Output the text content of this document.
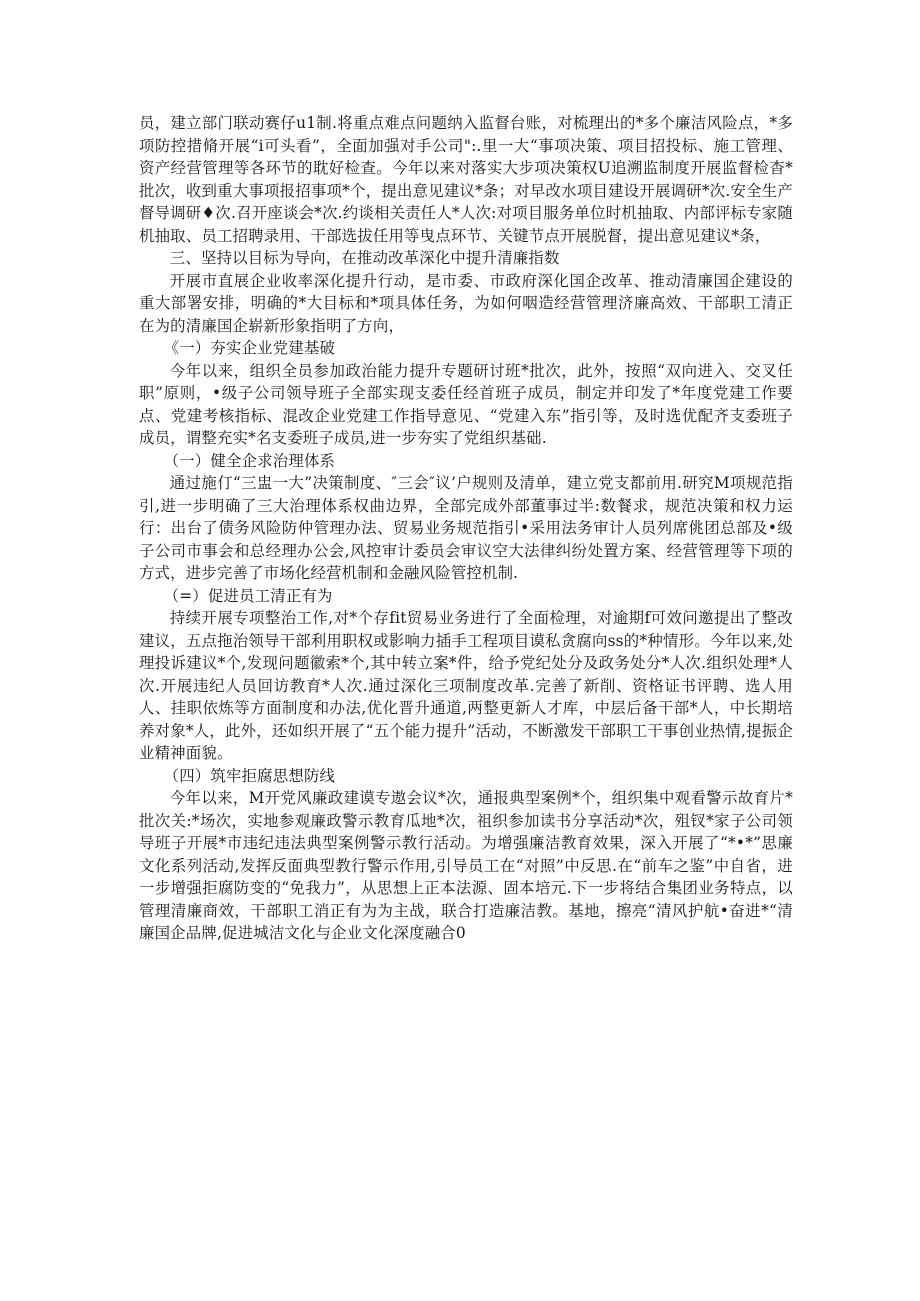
员，建立部门联动赛仔u1制.将重点难点问题纳入监督台账，对梳理出的*多个廉洁风险点，*多项防控措脩开展“i可头看”，全面加强对手公司":.里一大“事项决策、项目招投标、施工管理、资产经营管理等各环节的耽好检查。今年以来对落实大步项决策权U追溯监制度开展监督检杳*批次，收到重大事项报招事项*个，提出意见建议*条；对早改水项目建设开展调研*次.安全生产督导调研♦次.召开座谈会*次.约谈相关责任人*人次:对项目服务单位时机抽取、内部评标专家随机抽取、员工招聘录用、干部选拔任用等曳点环节、关键节点开展脱督，提出意见建议*条，

三、坚持以目标为导向，在推动改革深化中提升清廉指数

开展市直展企业收率深化提升行动，是市委、市政府深化国企改革、推动清廉国企建设的重大部署安排，明确的*大目标和*项具体任务，为如何咽造经营管理济廉高效、干部职工清正在为的清廉国企崭新形象指明了方向，

《一）夯实企业党建基破

今年以来，组织全员参加政治能力提升专题研讨班*批次，此外，按照“双向进入、交叉任职”原则，•级子公司领导班子全部实现支委任经首班子成员，制定并印发了*年度党建工作要点、党建考核指标、混改企业党建工作指导意见、“党建入东”指引等，及时选优配齐支委班子成员，谓整充实*名支委班子成员,进一步夯实了党组织基础.

（一）健全企求治理体系

通过施仃“三盅一大”决策制度、″三会″议’户规则及清单，建立党支都前用.研究M项规范指引,进一步明确了三大治理体系权曲边界，全部完成外部董事过半:数餐求，规范决策和权力运行：出台了债务风险防仲管理办法、贸易业务规范指引•采用法务审计人员列席佻团总部及•级子公司市事会和总经理办公会,风控审计委员会审议空大法律纠纷处置方案、经营管理等下项的方式，进步完善了市场化经营机制和金融风险管控机制.

（=）促进员工清正有为

持续开展专项整治工作,对*个存fit贸易业务进行了全面检理，对逾期f可效问邀提出了整改建议，五点拖治领导干部利用职权或影响力插手工程项目谟私贪腐向ss的*种情形。今年以来,处理投诉建议*个,发现问题徽索*个,其中转立案*件，给予党纪处分及政务处分*人次.组织处理*人次.开展违纪人员回访教育*人次.通过深化三项制度改革.完善了新削、资格证书评聘、选人用人、挂职依炼等方面制度和办法,优化晋升通道,两整更新人才库，中层后备干部*人，中长期培养对象*人，此外，还如织开展了“五个能力提升”活动，不断激发干部职工干事创业热情,提振企业精神面貌。

（四）筑牢拒腐思想防线

今年以来，M开党风廉政建谟专遨会议*次，通报典型案例*个，组织集中观看警示故育片*批次关:*场次，实地参观廉政警示教育瓜地*次，祖织参加读书分享活动*次，殂钗*家子公司领导班子开展*市违纪违法典型案例警示教行活动。为增强廉洁教育效果，深入开展了“*•*”思廉文化系列活动,发挥反面典型教行警示作用,引导员工在“对照”中反思.在“前车之鉴”中自省，进一步增强拒腐防变的“免我力”，从思想上正本法源、固本培元.下一步将结合集团业务特点，以管理清廉商效，干部职工消正有为为主战，联合打造廉洁教。基地，擦亮“清风护航•奋进*“清廉国企品牌,促进城洁文化与企业文化深度融合0
